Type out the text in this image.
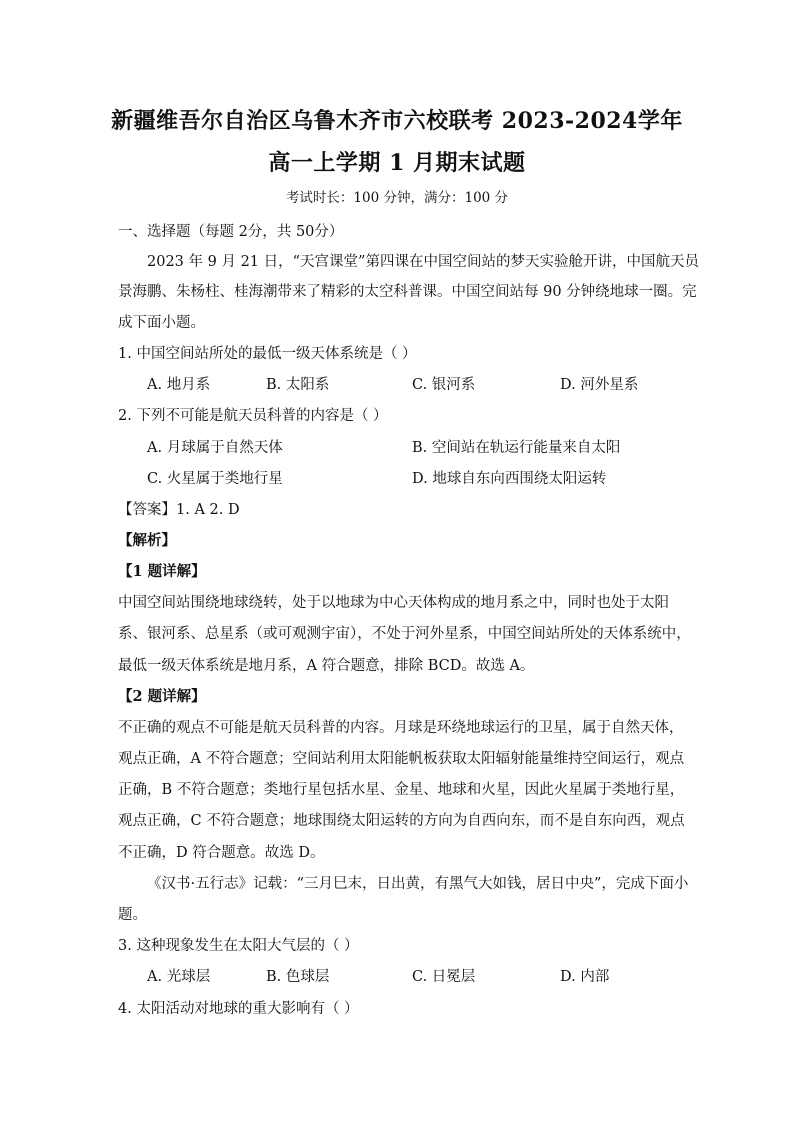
新疆维吾尔自治区乌鲁木齐市六校联考 2023-2024学年
高一上学期 1 月期末试题
考试时长：100 分钟，满分：100 分
一、选择题（每题 2分，共 50分）
2023 年 9 月 21 日，“天宫课堂”第四课在中国空间站的梦天实验舱开讲，中国航天员
景海鹏、朱杨柱、桂海潮带来了精彩的太空科普课。中国空间站每 90 分钟绕地球一圈。完
成下面小题。
1. 中国空间站所处的最低一级天体系统是（ ）
A. 地月系	B. 太阳系	C. 银河系	D. 河外星系
2. 下列不可能是航天员科普的内容是（ ）
A. 月球属于自然天体	B. 空间站在轨运行能量来自太阳
C. 火星属于类地行星	D. 地球自东向西围绕太阳运转
【答案】1. A 2. D
【解析】
【1 题详解】
中国空间站围绕地球绕转，处于以地球为中心天体构成的地月系之中，同时也处于太阳
系、银河系、总星系（或可观测宇宙），不处于河外星系，中国空间站所处的天体系统中，
最低一级天体系统是地月系，A 符合题意，排除 BCD。故选 A。
【2 题详解】
不正确的观点不可能是航天员科普的内容。月球是环绕地球运行的卫星，属于自然天体，
观点正确，A 不符合题意；空间站利用太阳能帆板获取太阳辐射能量维持空间运行，观点
正确，B 不符合题意；类地行星包括水星、金星、地球和火星，因此火星属于类地行星，
观点正确，C 不符合题意；地球围绕太阳运转的方向为自西向东，而不是自东向西，观点
不正确，D 符合题意。故选 D。
《汉书·五行志》记载：“三月巳末，日出黄，有黑气大如钱，居日中央”，完成下面小
题。
3. 这种现象发生在太阳大气层的（ ）
A. 光球层	B. 色球层	C. 日冕层	D. 内部
4. 太阳活动对地球的重大影响有（ ）
